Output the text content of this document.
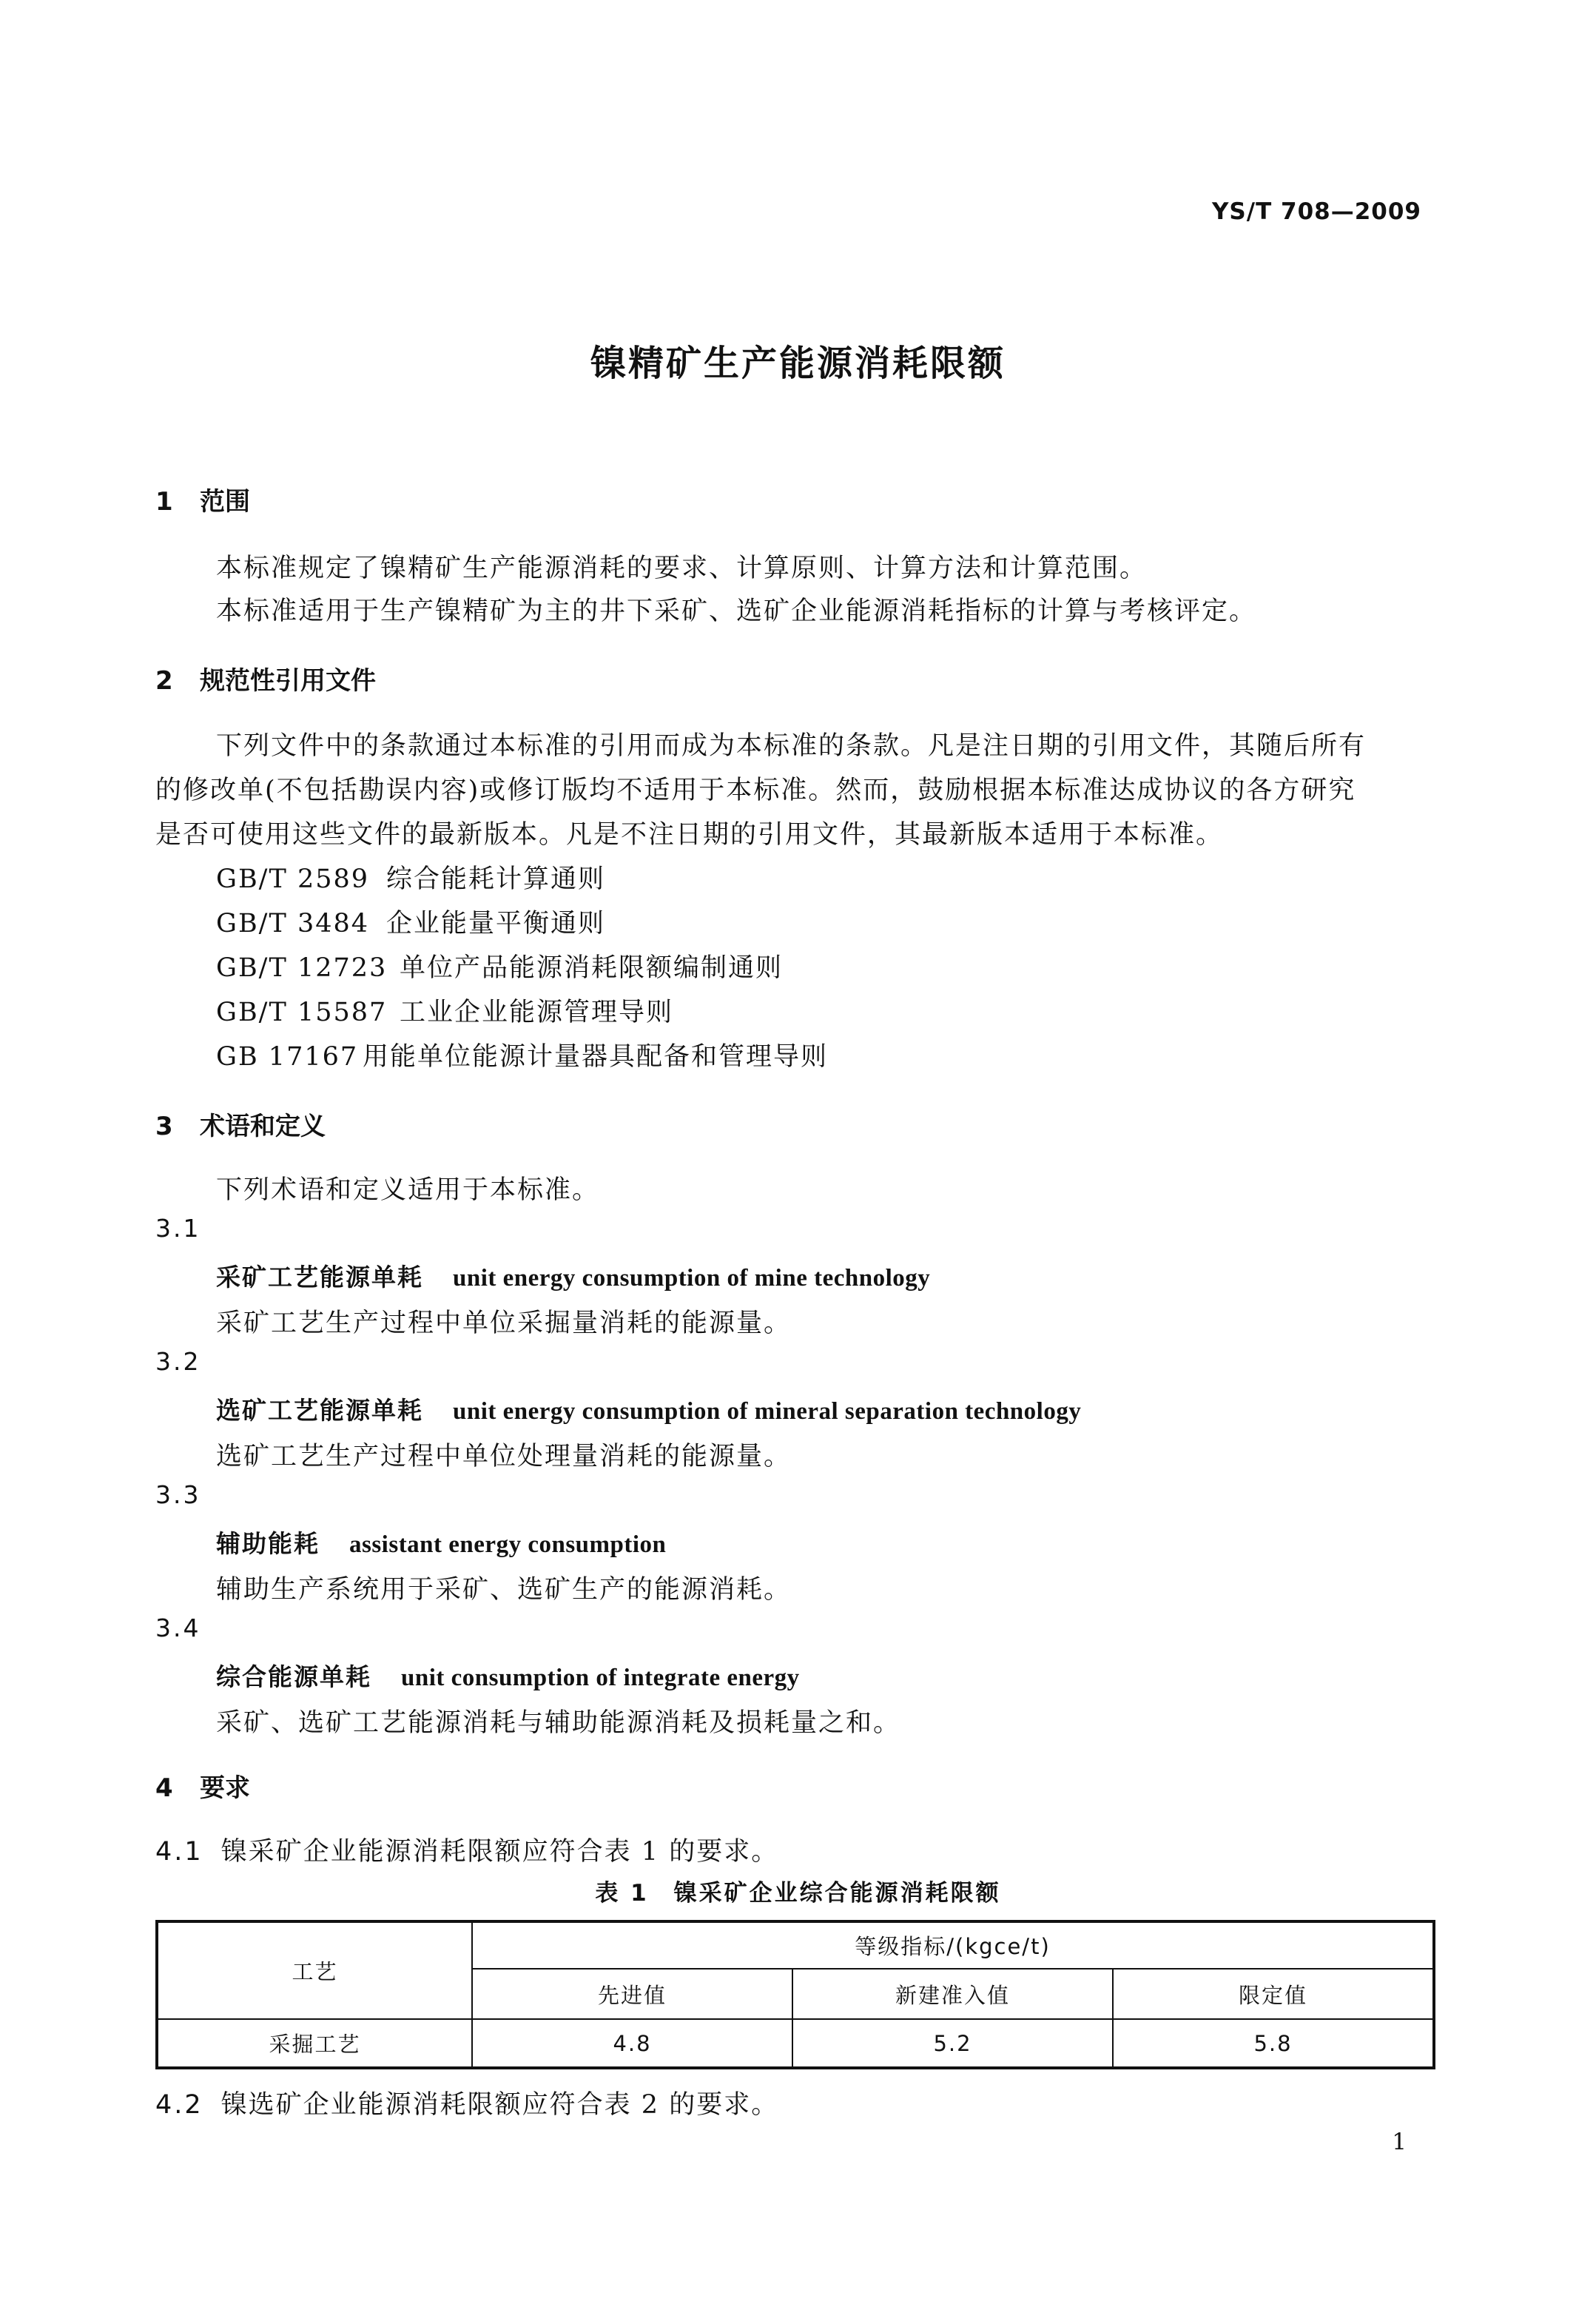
YS/T 708—2009
镍精矿生产能源消耗限额
1 范围
本标准规定了镍精矿生产能源消耗的要求、计算原则、计算方法和计算范围。
本标准适用于生产镍精矿为主的井下采矿、选矿企业能源消耗指标的计算与考核评定。
2 规范性引用文件
下列文件中的条款通过本标准的引用而成为本标准的条款。凡是注日期的引用文件，其随后所有
的修改单(不包括勘误内容)或修订版均不适用于本标准。然而，鼓励根据本标准达成协议的各方研究
是否可使用这些文件的最新版本。凡是不注日期的引用文件，其最新版本适用于本标准。
GB/T 2589 综合能耗计算通则
GB/T 3484 企业能量平衡通则
GB/T 12723 单位产品能源消耗限额编制通则
GB/T 15587 工业企业能源管理导则
GB 17167 用能单位能源计量器具配备和管理导则
3 术语和定义
下列术语和定义适用于本标准。
3.1
采矿工艺能源单耗 unit energy consumption of mine technology
采矿工艺生产过程中单位采掘量消耗的能源量。
3.2
选矿工艺能源单耗 unit energy consumption of mineral separation technology
选矿工艺生产过程中单位处理量消耗的能源量。
3.3
辅助能耗 assistant energy consumption
辅助生产系统用于采矿、选矿生产的能源消耗。
3.4
综合能源单耗 unit consumption of integrate energy
采矿、选矿工艺能源消耗与辅助能源消耗及损耗量之和。
4 要求
4.1 镍采矿企业能源消耗限额应符合表 1 的要求。
表 1　镍采矿企业综合能源消耗限额
工艺	等级指标/(kgce/t)		
	先进值	新建准入值	限定值
采掘工艺	4.8	5.2	5.8
4.2 镍选矿企业能源消耗限额应符合表 2 的要求。
1
